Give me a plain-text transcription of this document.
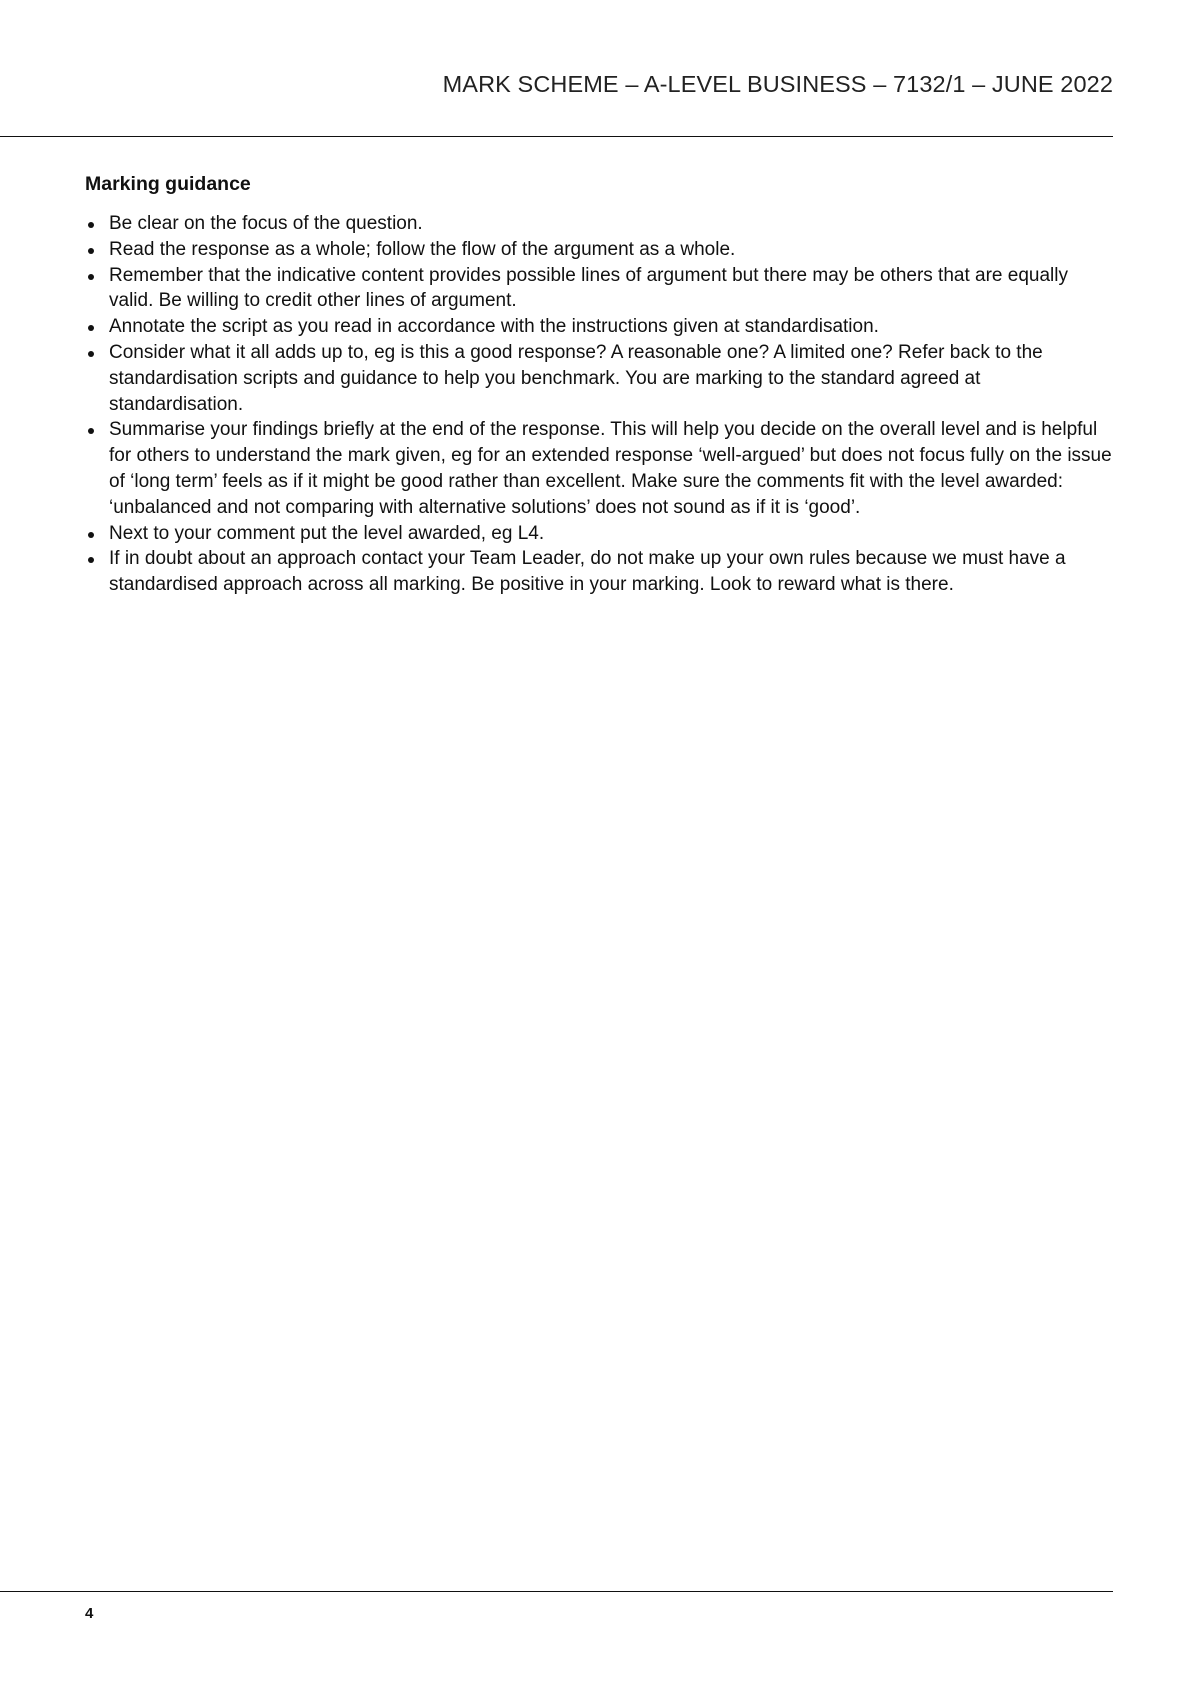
MARK SCHEME – A-LEVEL BUSINESS – 7132/1 – JUNE 2022
Marking guidance
Be clear on the focus of the question.
Read the response as a whole; follow the flow of the argument as a whole.
Remember that the indicative content provides possible lines of argument but there may be others that are equally valid. Be willing to credit other lines of argument.
Annotate the script as you read in accordance with the instructions given at standardisation.
Consider what it all adds up to, eg is this a good response? A reasonable one? A limited one? Refer back to the standardisation scripts and guidance to help you benchmark. You are marking to the standard agreed at standardisation.
Summarise your findings briefly at the end of the response. This will help you decide on the overall level and is helpful for others to understand the mark given, eg for an extended response ‘well-argued’ but does not focus fully on the issue of ‘long term’ feels as if it might be good rather than excellent. Make sure the comments fit with the level awarded: ‘unbalanced and not comparing with alternative solutions’ does not sound as if it is ‘good’.
Next to your comment put the level awarded, eg L4.
If in doubt about an approach contact your Team Leader, do not make up your own rules because we must have a standardised approach across all marking. Be positive in your marking. Look to reward what is there.
4
